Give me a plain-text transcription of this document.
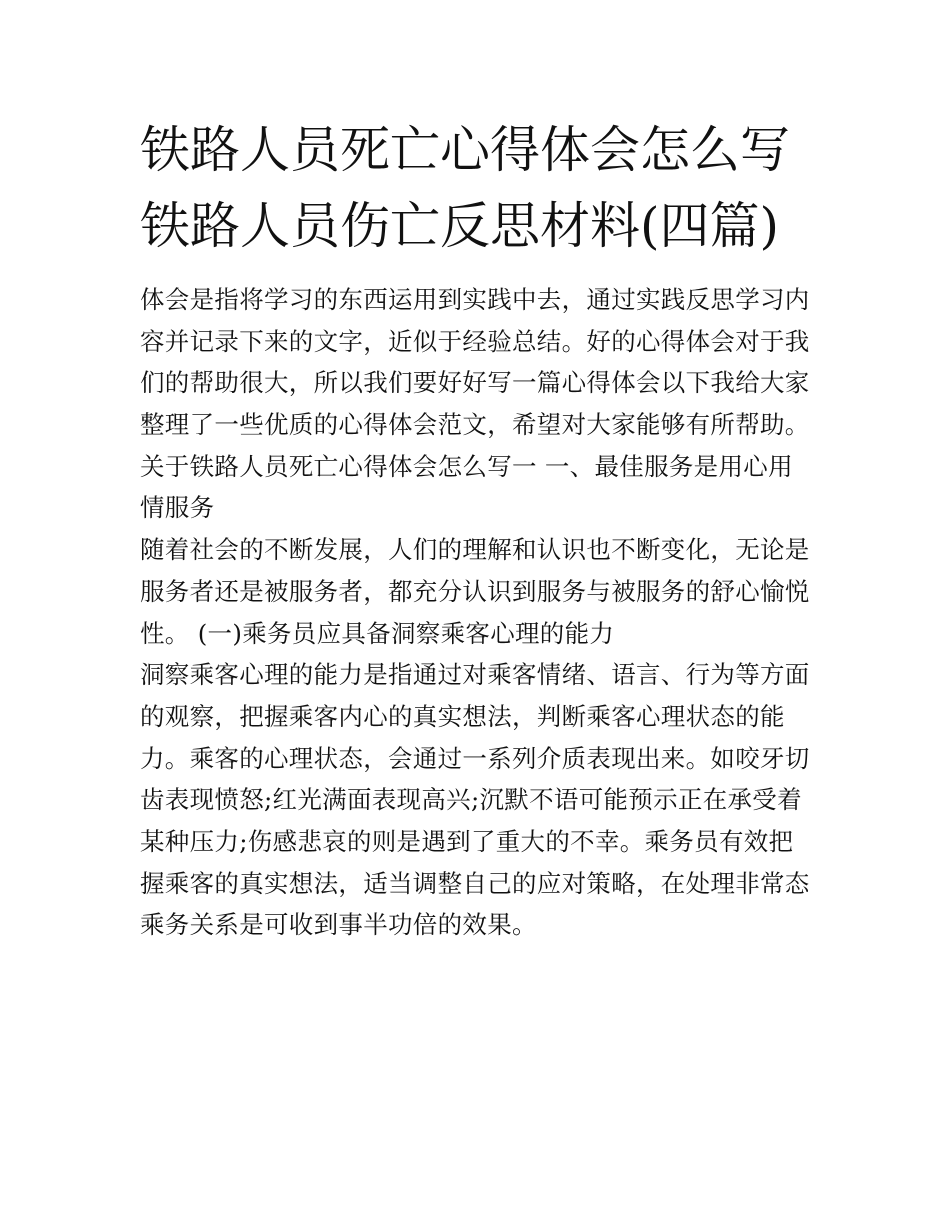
铁路人员死亡心得体会怎么写
铁路人员伤亡反思材料(四篇)
体会是指将学习的东西运用到实践中去，通过实践反思学习内
容并记录下来的文字，近似于经验总结。好的心得体会对于我
们的帮助很大，所以我们要好好写一篇心得体会以下我给大家
整理了一些优质的心得体会范文，希望对大家能够有所帮助。
关于铁路人员死亡心得体会怎么写一 一、最佳服务是用心用
情服务
随着社会的不断发展，人们的理解和认识也不断变化，无论是
服务者还是被服务者，都充分认识到服务与被服务的舒心愉悦
性。 (一)乘务员应具备洞察乘客心理的能力
洞察乘客心理的能力是指通过对乘客情绪、语言、行为等方面
的观察，把握乘客内心的真实想法，判断乘客心理状态的能
力。乘客的心理状态，会通过一系列介质表现出来。如咬牙切
齿表现愤怒;红光满面表现高兴;沉默不语可能预示正在承受着
某种压力;伤感悲哀的则是遇到了重大的不幸。乘务员有效把
握乘客的真实想法，适当调整自己的应对策略，在处理非常态
乘务关系是可收到事半功倍的效果。
